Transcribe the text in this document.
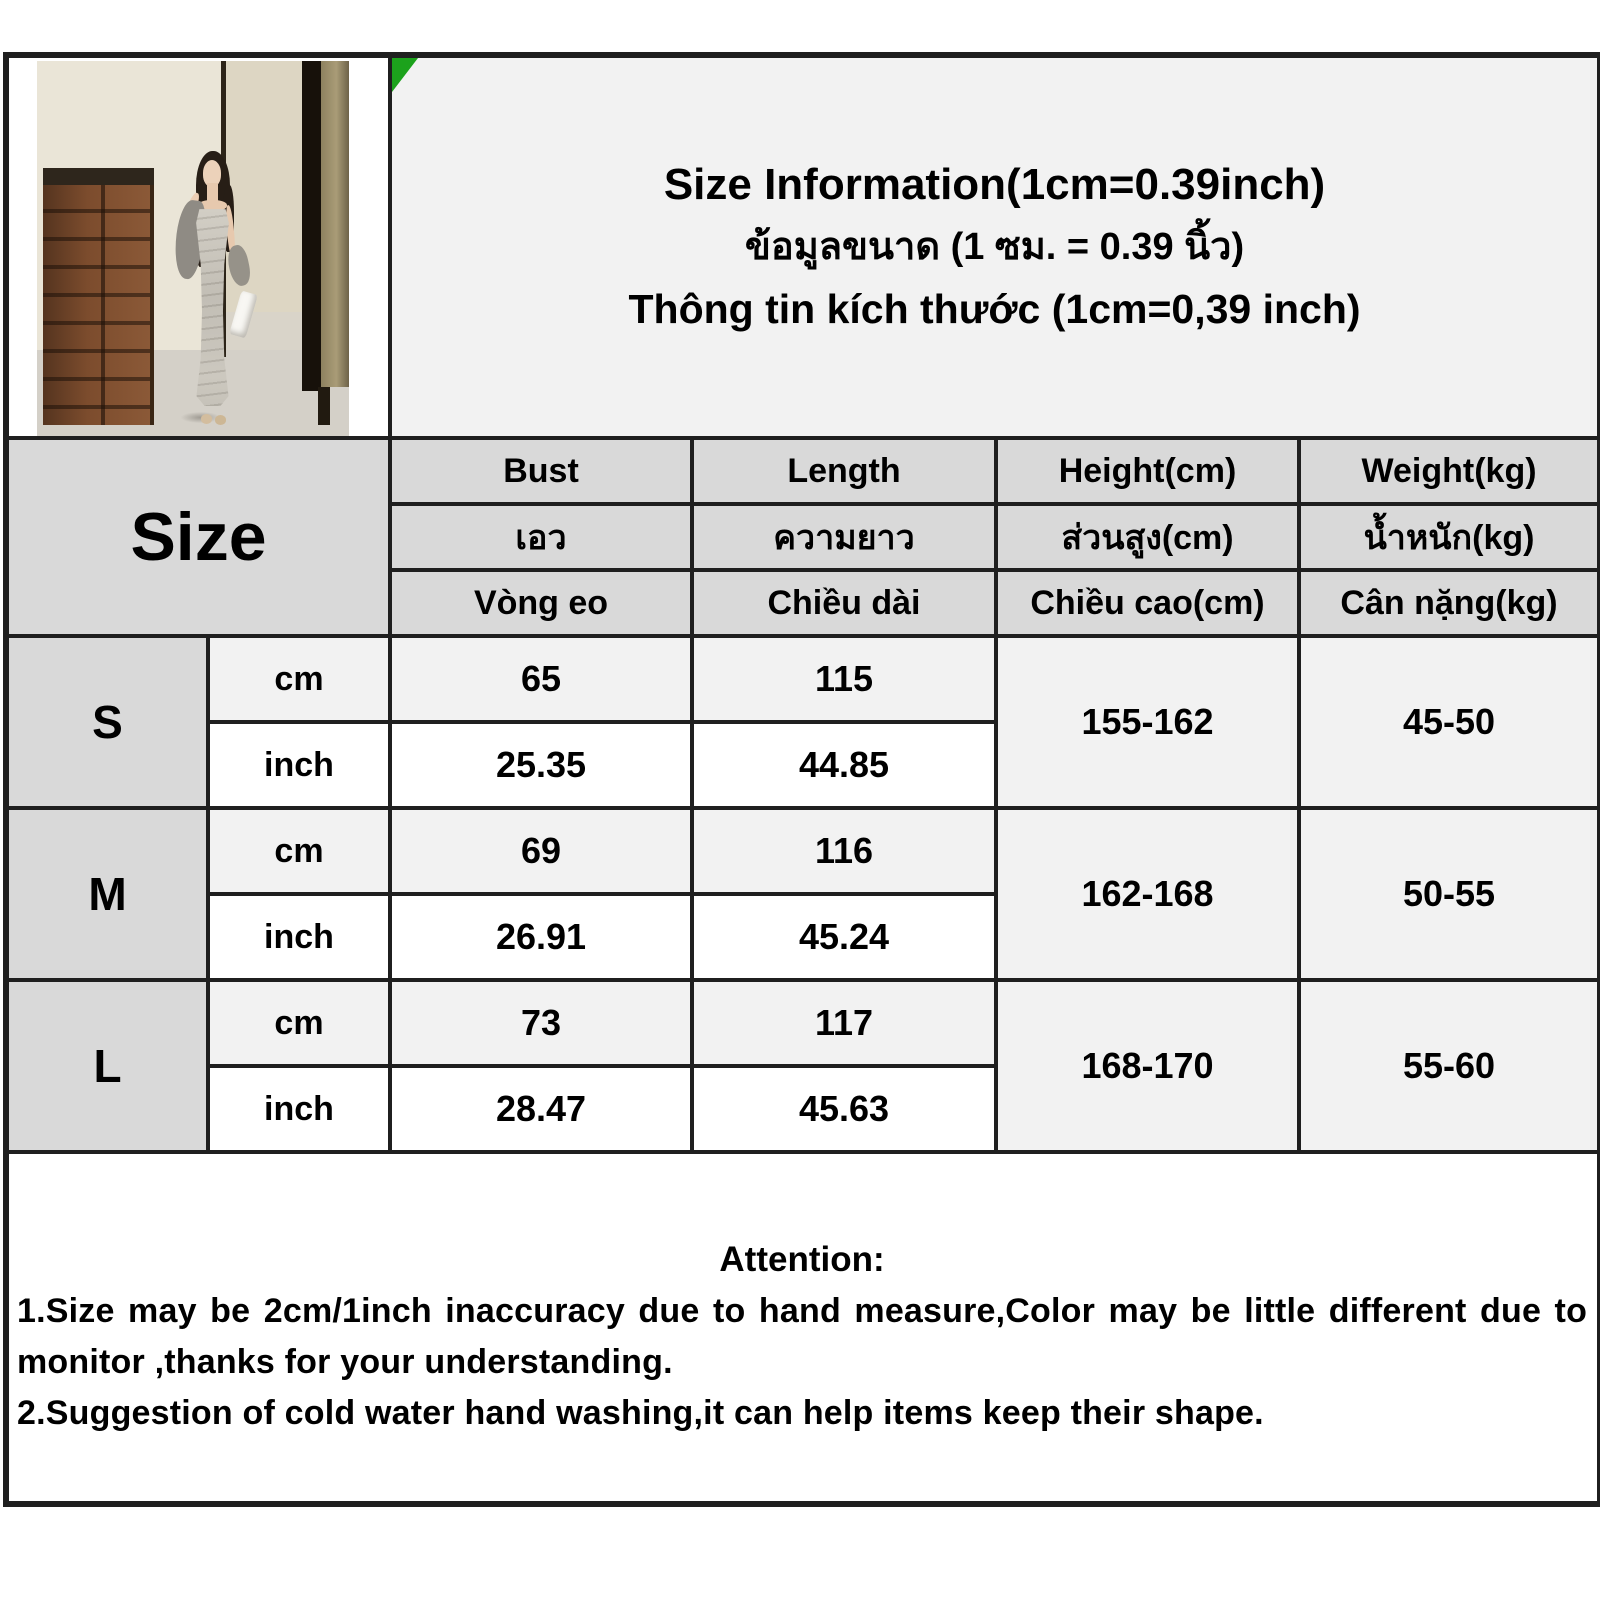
		Size Information(1cm=0.39inch)
ข้อมูลขนาด (1 ซม. = 0.39 นิ้ว)
Thông tin kích thước (1cm=0,39 inch)			

Size		Bust	Length	Height(cm)	Weight(kg)
		เอว	ความยาว	ส่วนสูง(cm)	น้ำหนัก(kg)
		Vòng eo	Chiều dài	Chiều cao(cm)	Cân nặng(kg)
S	cm	65	115	155-162	45-50
	inch	25.35	44.85		
M	cm	69	116	162-168	50-55
	inch	26.91	45.24		
L	cm	73	117	168-170	55-60
	inch	28.47	45.63		

Attention:
1.Size may be 2cm/1inch inaccuracy due to hand measure,Color may be little different due to monitor ,thanks for your understanding.
2.Suggestion of cold water hand washing,it can help items keep their shape.					
